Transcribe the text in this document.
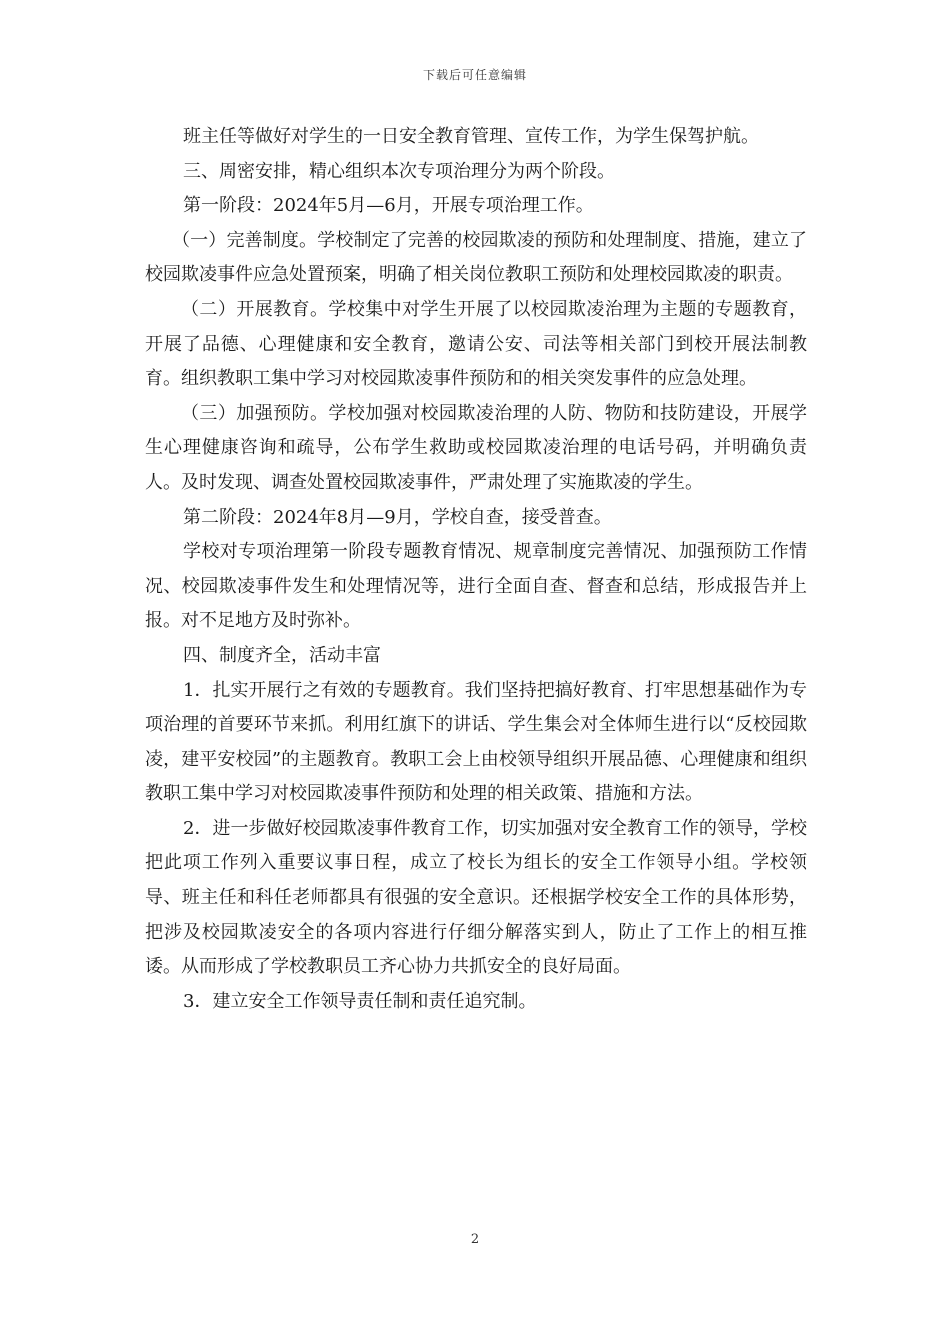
下载后可任意编辑

班主任等做好对学生的一日安全教育管理、宣传工作，为学生保驾护航。

三、周密安排，精心组织本次专项治理分为两个阶段。

第一阶段：2024年5月—6月，开展专项治理工作。

（一）完善制度。学校制定了完善的校园欺凌的预防和处理制度、措施，建立了校园欺凌事件应急处置预案，明确了相关岗位教职工预防和处理校园欺凌的职责。

（二）开展教育。学校集中对学生开展了以校园欺凌治理为主题的专题教育，开展了品德、心理健康和安全教育，邀请公安、司法等相关部门到校开展法制教育。组织教职工集中学习对校园欺凌事件预防和的相关突发事件的应急处理。

（三）加强预防。学校加强对校园欺凌治理的人防、物防和技防建设，开展学生心理健康咨询和疏导，公布学生救助或校园欺凌治理的电话号码，并明确负责人。及时发现、调查处置校园欺凌事件，严肃处理了实施欺凌的学生。

第二阶段：2024年8月—9月，学校自查，接受普查。

学校对专项治理第一阶段专题教育情况、规章制度完善情况、加强预防工作情况、校园欺凌事件发生和处理情况等，进行全面自查、督查和总结，形成报告并上报。对不足地方及时弥补。

四、制度齐全，活动丰富

1．扎实开展行之有效的专题教育。我们坚持把搞好教育、打牢思想基础作为专项治理的首要环节来抓。利用红旗下的讲话、学生集会对全体师生进行以“反校园欺凌，建平安校园”的主题教育。教职工会上由校领导组织开展品德、心理健康和组织教职工集中学习对校园欺凌事件预防和处理的相关政策、措施和方法。

2．进一步做好校园欺凌事件教育工作，切实加强对安全教育工作的领导，学校把此项工作列入重要议事日程，成立了校长为组长的安全工作领导小组。学校领导、班主任和科任老师都具有很强的安全意识。还根据学校安全工作的具体形势，把涉及校园欺凌安全的各项内容进行仔细分解落实到人，防止了工作上的相互推诿。从而形成了学校教职员工齐心协力共抓安全的良好局面。

3．建立安全工作领导责任制和责任追究制。

2
